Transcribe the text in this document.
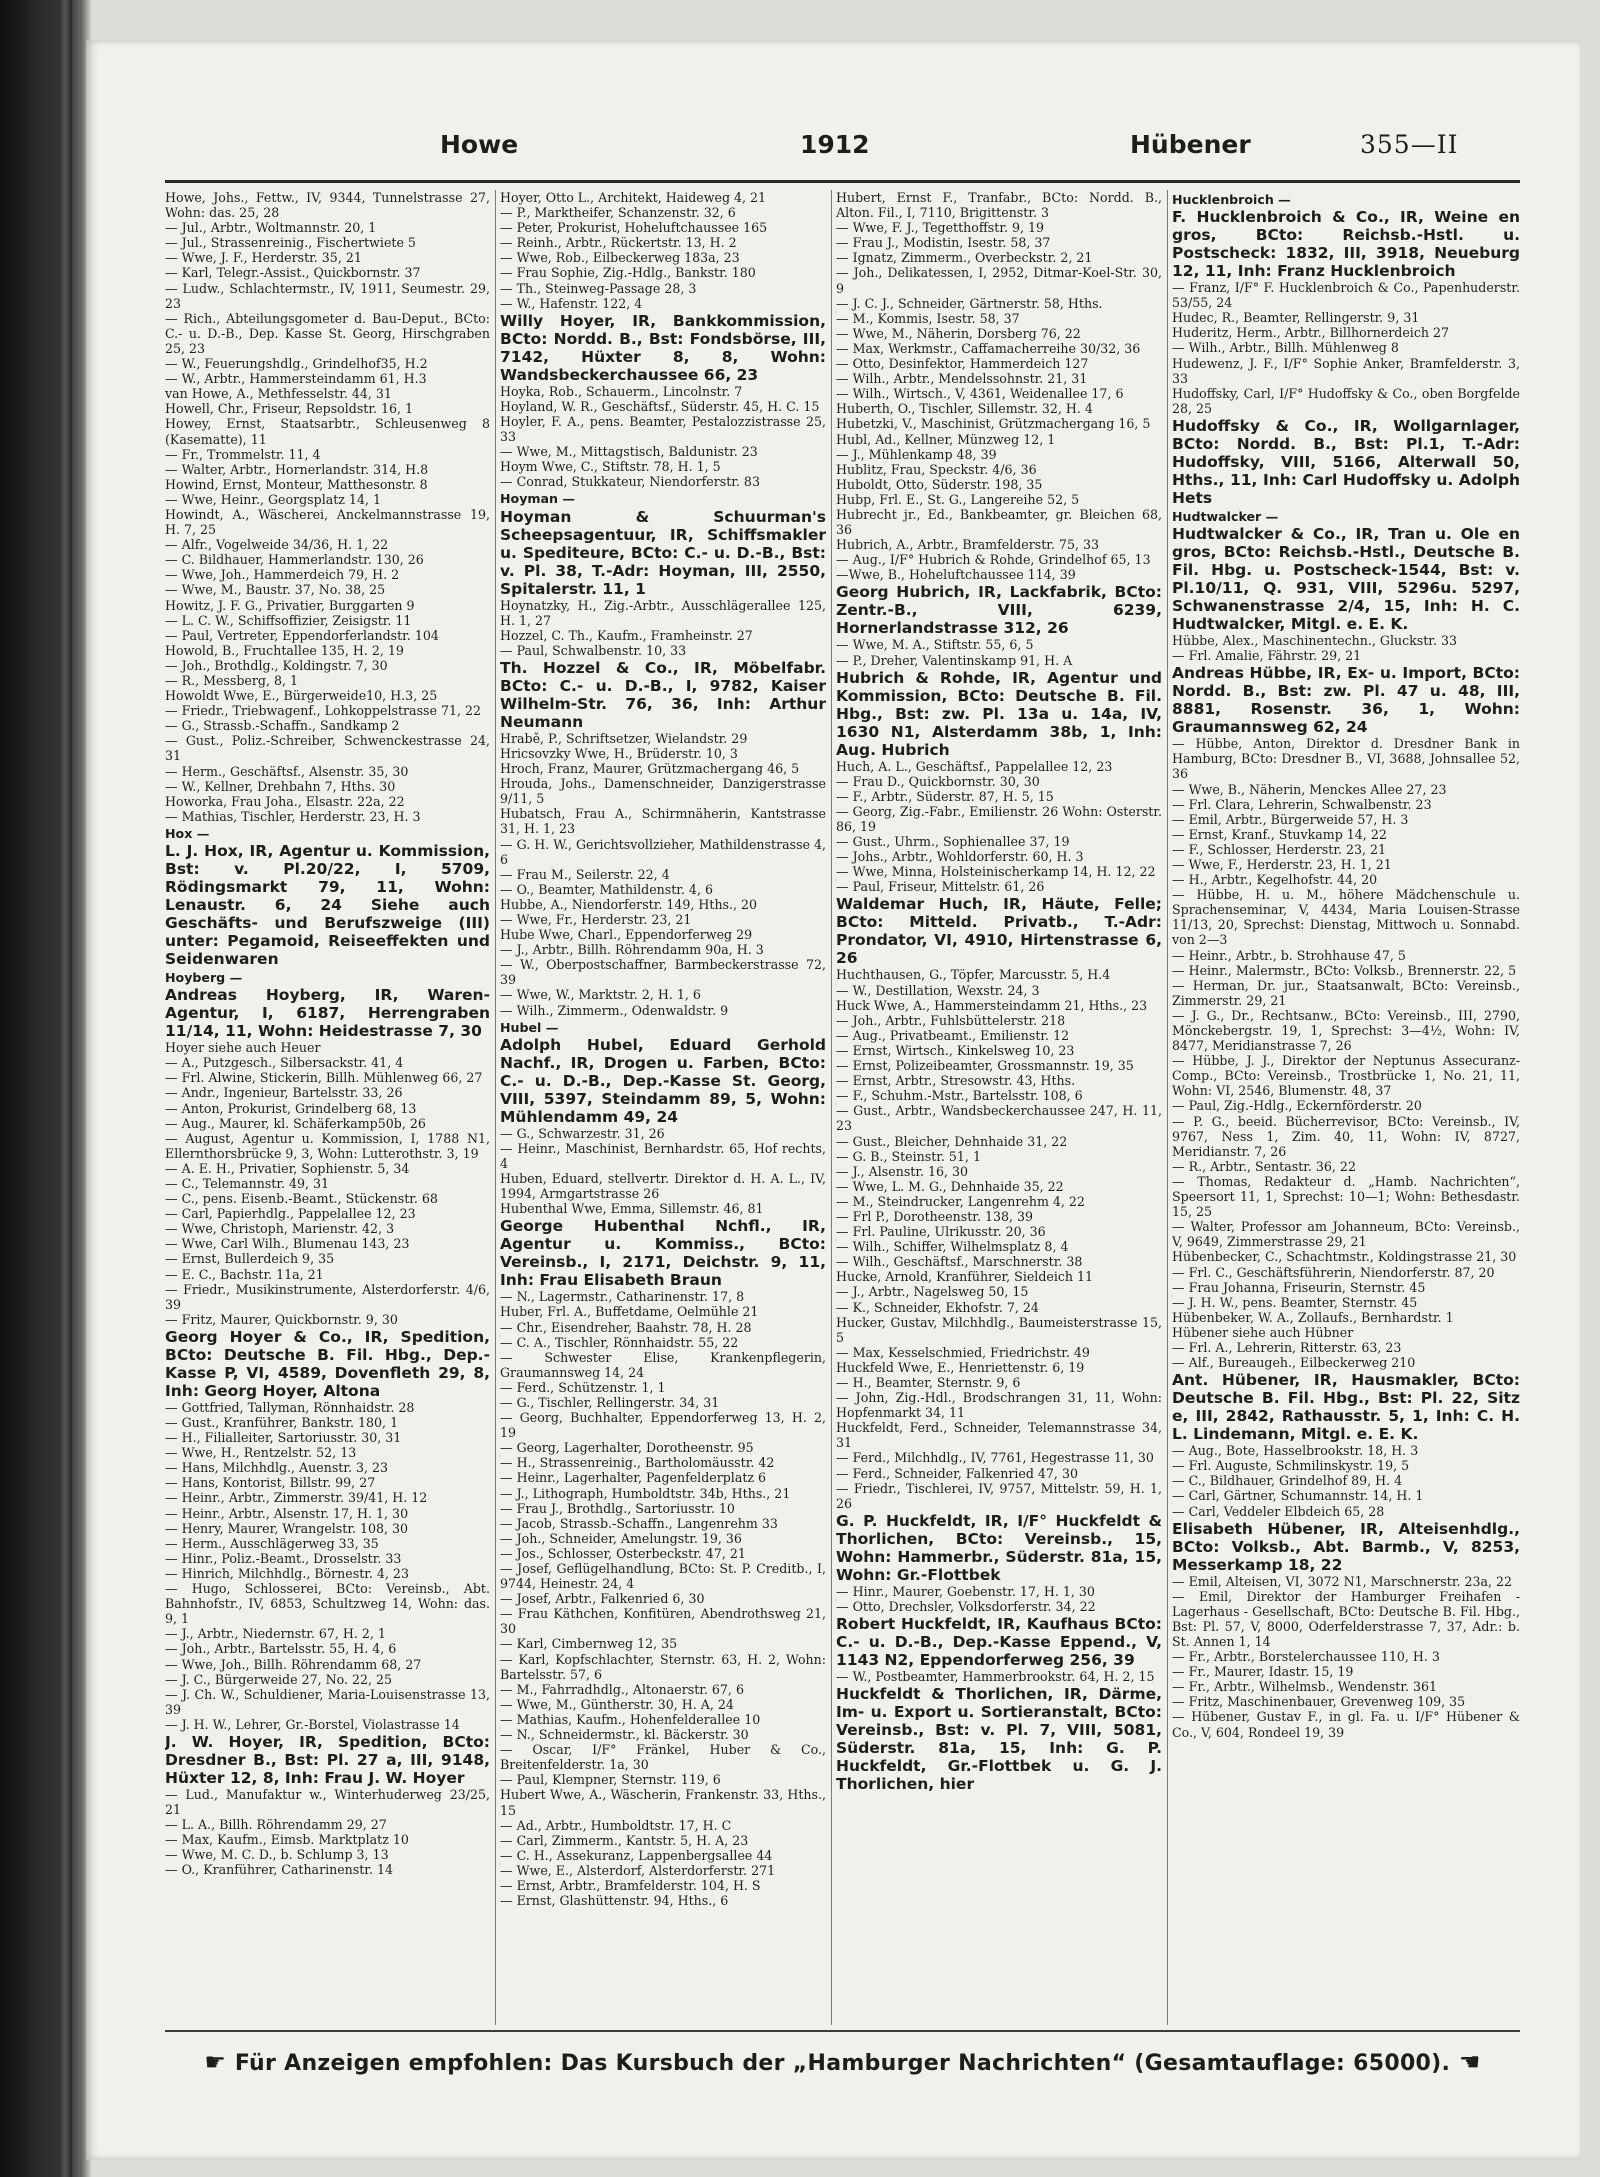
Howe	1912	Hübener	355—II

Howe, Johs., Fettw., IV, 9344, Tunnelstrasse 27, Wohn: das. 25, 28

— Jul., Arbtr., Woltmannstr. 20, 1

— Jul., Strassenreinig., Fischertwiete 5

— Wwe, J. F., Herderstr. 35, 21

— Karl, Telegr.-Assist., Quickbornstr. 37

— Ludw., Schlachtermstr., IV, 1911, Seumestr. 29, 23

— Rich., Abteilungsgometer d. Bau-Deput., BCto: C.- u. D.-B., Dep. Kasse St. Georg, Hirschgraben 25, 23

— W., Feuerungshdlg., Grindelhof35, H.2

— W., Arbtr., Hammersteindamm 61, H.3

van Howe, A., Methfesselstr. 44, 31

Howell, Chr., Friseur, Repsoldstr. 16, 1

Howey, Ernst, Staatsarbtr., Schleusenweg 8 (Kasematte), 11

— Fr., Trommelstr. 11, 4

— Walter, Arbtr., Hornerlandstr. 314, H.8

Howind, Ernst, Monteur, Matthesonstr. 8

— Wwe, Heinr., Georgsplatz 14, 1

Howindt, A., Wäscherei, Anckelmannstrasse 19, H. 7, 25

— Alfr., Vogelweide 34/36, H. 1, 22

— C. Bildhauer, Hammerlandstr. 130, 26

— Wwe, Joh., Hammerdeich 79, H. 2

— Wwe, M., Baustr. 37, No. 38, 25

Howitz, J. F. G., Privatier, Burggarten 9

— L. C. W., Schiffsoffizier, Zeisigstr. 11

— Paul, Vertreter, Eppendorferlandstr. 104

Howold, B., Fruchtallee 135, H. 2, 19

— Joh., Brothdlg., Koldingstr. 7, 30

— R., Messberg, 8, 1

Howoldt Wwe, E., Bürgerweide10, H.3, 25

— Friedr., Triebwagenf., Lohkoppelstrasse 71, 22

— G., Strassb.-Schaffn., Sandkamp 2

— Gust., Poliz.-Schreiber, Schwenckestrasse 24, 31

— Herm., Geschäftsf., Alsenstr. 35, 30

— W., Kellner, Drehbahn 7, Hths. 30

Howorka, Frau Joha., Elsastr. 22a, 22

— Mathias, Tischler, Herderstr. 23, H. 3

Hox —

L. J. Hox, IR, Agentur u. Kommission, Bst: v. Pl.20/22, I, 5709, Rödingsmarkt 79, 11, Wohn: Lenaustr. 6, 24 Siehe auch Geschäfts- und Berufszweige (III) unter: Pegamoid, Reiseeffekten und Seidenwaren

Hoyberg —

Andreas Hoyberg, IR, Waren-Agentur, I, 6187, Herrengraben 11/14, 11, Wohn: Heidestrasse 7, 30

Hoyer siehe auch Heuer

— A., Putzgesch., Silbersackstr. 41, 4

— Frl. Alwine, Stickerin, Billh. Mühlenweg 66, 27

— Andr., Ingenieur, Bartelsstr. 33, 26

— Anton, Prokurist, Grindelberg 68, 13

— Aug., Maurer, kl. Schäferkamp50b, 26

— August, Agentur u. Kommission, I, 1788 N1, Ellernthorsbrücke 9, 3, Wohn: Lutterothstr. 3, 19

— A. E. H., Privatier, Sophienstr. 5, 34

— C., Telemannstr. 49, 31

— C., pens. Eisenb.-Beamt., Stückenstr. 68

— Carl, Papierhdlg., Pappelallee 12, 23

— Wwe, Christoph, Marienstr. 42, 3

— Wwe, Carl Wilh., Blumenau 143, 23

— Ernst, Bullerdeich 9, 35

— E. C., Bachstr. 11a, 21

— Friedr., Musikinstrumente, Alsterdorferstr. 4/6, 39

— Fritz, Maurer, Quickbornstr. 9, 30

Georg Hoyer & Co., IR, Spedition, BCto: Deutsche B. Fil. Hbg., Dep.-Kasse P, VI, 4589, Dovenfleth 29, 8, Inh: Georg Hoyer, Altona

— Gottfried, Tallyman, Rönnhaidstr. 28

— Gust., Kranführer, Bankstr. 180, 1

— H., Filialleiter, Sartoriusstr. 30, 31

— Wwe, H., Rentzelstr. 52, 13

— Hans, Milchhdlg., Auenstr. 3, 23

— Hans, Kontorist, Billstr. 99, 27

— Heinr., Arbtr., Zimmerstr. 39/41, H. 12

— Heinr., Arbtr., Alsenstr. 17, H. 1, 30

— Henry, Maurer, Wrangelstr. 108, 30

— Herm., Ausschlägerweg 33, 35

— Hinr., Poliz.-Beamt., Drosselstr. 33

— Hinrich, Milchhdlg., Börnestr. 4, 23

— Hugo, Schlosserei, BCto: Vereinsb., Abt. Bahnhofstr., IV, 6853, Schultzweg 14, Wohn: das. 9, 1

— J., Arbtr., Niedernstr. 67, H. 2, 1

— Joh., Arbtr., Bartelsstr. 55, H. 4, 6

— Wwe, Joh., Billh. Röhrendamm 68, 27

— J. C., Bürgerweide 27, No. 22, 25

— J. Ch. W., Schuldiener, Maria-Louisenstrasse 13, 39

— J. H. W., Lehrer, Gr.-Borstel, Violastrasse 14

J. W. Hoyer, IR, Spedition, BCto: Dresdner B., Bst: Pl. 27 a, III, 9148, Hüxter 12, 8, Inh: Frau J. W. Hoyer

— Lud., Manufaktur w., Winterhuderweg 23/25, 21

— L. A., Billh. Röhrendamm 29, 27

— Max, Kaufm., Eimsb. Marktplatz 10

— Wwe, M. C. D., b. Schlump 3, 13

— O., Kranführer, Catharinenstr. 14

Hoyer, Otto L., Architekt, Haideweg 4, 21

— P., Marktheifer, Schanzenstr. 32, 6

— Peter, Prokurist, Hoheluftchaussee 165

— Reinh., Arbtr., Rückertstr. 13, H. 2

— Wwe, Rob., Eilbeckerweg 183a, 23

— Frau Sophie, Zig.-Hdlg., Bankstr. 180

— Th., Steinweg-Passage 28, 3

— W., Hafenstr. 122, 4

Willy Hoyer, IR, Bankkommission, BCto: Nordd. B., Bst: Fondsbörse, III, 7142, Hüxter 8, 8, Wohn: Wandsbeckerchaussee 66, 23

Hoyka, Rob., Schauerm., Lincolnstr. 7

Hoyland, W. R., Geschäftsf., Süderstr. 45, H. C. 15

Hoyler, F. A., pens. Beamter, Pestalozzistrasse 25, 33

— Wwe, M., Mittagstisch, Baldunistr. 23

Hoym Wwe, C., Stiftstr. 78, H. 1, 5

— Conrad, Stukkateur, Niendorferstr. 83

Hoyman —

Hoyman & Schuurman's Scheepsagentuur, IR, Schiffsmakler u. Spediteure, BCto: C.- u. D.-B., Bst: v. Pl. 38, T.-Adr: Hoyman, III, 2550, Spitalerstr. 11, 1

Hoynatzky, H., Zig.-Arbtr., Ausschlägerallee 125, H. 1, 27

Hozzel, C. Th., Kaufm., Framheinstr. 27

— Paul, Schwalbenstr. 10, 33

Th. Hozzel & Co., IR, Möbelfabr. BCto: C.- u. D.-B., I, 9782, Kaiser Wilhelm-Str. 76, 36, Inh: Arthur Neumann

Hrabě, P., Schriftsetzer, Wielandstr. 29

Hricsovzky Wwe, H., Brüderstr. 10, 3

Hroch, Franz, Maurer, Grützmachergang 46, 5

Hrouda, Johs., Damenschneider, Danzigerstrasse 9/11, 5

Hubatsch, Frau A., Schirmnäherin, Kantstrasse 31, H. 1, 23

— G. H. W., Gerichtsvollzieher, Mathildenstrasse 4, 6

— Frau M., Seilerstr. 22, 4

— O., Beamter, Mathildenstr. 4, 6

Hubbe, A., Niendorferstr. 149, Hths., 20

— Wwe, Fr., Herderstr. 23, 21

Hube Wwe, Charl., Eppendorferweg 29

— J., Arbtr., Billh. Röhrendamm 90a, H. 3

— W., Oberpostschaffner, Barmbeckerstrasse 72, 39

— Wwe, W., Marktstr. 2, H. 1, 6

— Wilh., Zimmerm., Odenwaldstr. 9

Hubel —

Adolph Hubel, Eduard Gerhold Nachf., IR, Drogen u. Farben, BCto: C.- u. D.-B., Dep.-Kasse St. Georg, VIII, 5397, Steindamm 89, 5, Wohn: Mühlendamm 49, 24

— G., Schwarzestr. 31, 26

— Heinr., Maschinist, Bernhardstr. 65, Hof rechts, 4

Huben, Eduard, stellvertr. Direktor d. H. A. L., IV, 1994, Armgartstrasse 26

Hubenthal Wwe, Emma, Sillemstr. 46, 81

George Hubenthal Nchfl., IR, Agentur u. Kommiss., BCto: Vereinsb., I, 2171, Deichstr. 9, 11, Inh: Frau Elisabeth Braun

— N., Lagermstr., Catharinenstr. 17, 8

Huber, Frl. A., Buffetdame, Oelmühle 21

— Chr., Eisendreher, Baahstr. 78, H. 28

— C. A., Tischler, Rönnhaidstr. 55, 22

— Schwester Elise, Krankenpflegerin, Graumannsweg 14, 24

— Ferd., Schützenstr. 1, 1

— G., Tischler, Rellingerstr. 34, 31

— Georg, Buchhalter, Eppendorferweg 13, H. 2, 19

— Georg, Lagerhalter, Dorotheenstr. 95

— H., Strassenreinig., Bartholomäusstr. 42

— Heinr., Lagerhalter, Pagenfelderplatz 6

— J., Lithograph, Humboldtstr. 34b, Hths., 21

— Frau J., Brothdlg., Sartoriusstr. 10

— Jacob, Strassb.-Schaffn., Langenrehm 33

— Joh., Schneider, Amelungstr. 19, 36

— Jos., Schlosser, Osterbeckstr. 47, 21

— Josef, Geflügelhandlung, BCto: St. P. Creditb., I, 9744, Heinestr. 24, 4

— Josef, Arbtr., Falkenried 6, 30

— Frau Käthchen, Konfitüren, Abendrothsweg 21, 30

— Karl, Cimbernweg 12, 35

— Karl, Kopfschlachter, Sternstr. 63, H. 2, Wohn: Bartelsstr. 57, 6

— M., Fahrradhdlg., Altonaerstr. 67, 6

— Wwe, M., Güntherstr. 30, H. A, 24

— Mathias, Kaufm., Hohenfelderallee 10

— N., Schneidermstr., kl. Bäckerstr. 30

— Oscar, I/F° Fränkel, Huber & Co., Breitenfelderstr. 1a, 30

— Paul, Klempner, Sternstr. 119, 6

Hubert Wwe, A., Wäscherin, Frankenstr. 33, Hths., 15

— Ad., Arbtr., Humboldtstr. 17, H. C

— Carl, Zimmerm., Kantstr. 5, H. A, 23

— C. H., Assekuranz, Lappenbergsallee 44

— Wwe, E., Alsterdorf, Alsterdorferstr. 271

— Ernst, Arbtr., Bramfelderstr. 104, H. S

— Ernst, Glashüttenstr. 94, Hths., 6

Hubert, Ernst F., Tranfabr., BCto: Nordd. B., Alton. Fil., I, 7110, Brigittenstr. 3

— Wwe, F. J., Tegetthoffstr. 9, 19

— Frau J., Modistin, Isestr. 58, 37

— Ignatz, Zimmerm., Overbeckstr. 2, 21

— Joh., Delikatessen, I, 2952, Ditmar-Koel-Str. 30, 9

— J. C. J., Schneider, Gärtnerstr. 58, Hths.

— M., Kommis, Isestr. 58, 37

— Wwe, M., Näherin, Dorsberg 76, 22

— Max, Werkmstr., Caffamacherreihe 30/32, 36

— Otto, Desinfektor, Hammerdeich 127

— Wilh., Arbtr., Mendelssohnstr. 21, 31

— Wilh., Wirtsch., V, 4361, Weidenallee 17, 6

Huberth, O., Tischler, Sillemstr. 32, H. 4

Hubetzki, V., Maschinist, Grützmachergang 16, 5

Hubl, Ad., Kellner, Münzweg 12, 1

— J., Mühlenkamp 48, 39

Hublitz, Frau, Speckstr. 4/6, 36

Huboldt, Otto, Süderstr. 198, 35

Hubp, Frl. E., St. G., Langereihe 52, 5

Hubrecht jr., Ed., Bankbeamter, gr. Bleichen 68, 36

Hubrich, A., Arbtr., Bramfelderstr. 75, 33

— Aug., I/F° Hubrich & Rohde, Grindelhof 65, 13

—Wwe, B., Hoheluftchaussee 114, 39

Georg Hubrich, IR, Lackfabrik, BCto: Zentr.-B., VIII, 6239, Hornerlandstrasse 312, 26

— Wwe, M. A., Stiftstr. 55, 6, 5

— P., Dreher, Valentinskamp 91, H. A

Hubrich & Rohde, IR, Agentur und Kommission, BCto: Deutsche B. Fil. Hbg., Bst: zw. Pl. 13a u. 14a, IV, 1630 N1, Alsterdamm 38b, 1, Inh: Aug. Hubrich

Huch, A. L., Geschäftsf., Pappelallee 12, 23

— Frau D., Quickbornstr. 30, 30

— F., Arbtr., Süderstr. 87, H. 5, 15

— Georg, Zig.-Fabr., Emilienstr. 26 Wohn: Osterstr. 86, 19

— Gust., Uhrm., Sophienallee 37, 19

— Johs., Arbtr., Wohldorferstr. 60, H. 3

— Wwe, Minna, Holsteinischerkamp 14, H. 12, 22

— Paul, Friseur, Mittelstr. 61, 26

Waldemar Huch, IR, Häute, Felle; BCto: Mitteld. Privatb., T.-Adr: Prondator, VI, 4910, Hirtenstrasse 6, 26

Huchthausen, G., Töpfer, Marcusstr. 5, H.4

— W., Destillation, Wexstr. 24, 3

Huck Wwe, A., Hammersteindamm 21, Hths., 23

— Joh., Arbtr., Fuhlsbüttelerstr. 218

— Aug., Privatbeamt., Emilienstr. 12

— Ernst, Wirtsch., Kinkelsweg 10, 23

— Ernst, Polizeibeamter, Grossmannstr. 19, 35

— Ernst, Arbtr., Stresowstr. 43, Hths.

— F., Schuhm.-Mstr., Bartelsstr. 108, 6

— Gust., Arbtr., Wandsbeckerchaussee 247, H. 11, 23

— Gust., Bleicher, Dehnhaide 31, 22

— G. B., Steinstr. 51, 1

— J., Alsenstr. 16, 30

— Wwe, L. M. G., Dehnhaide 35, 22

— M., Steindrucker, Langenrehm 4, 22

— Frl P., Dorotheenstr. 138, 39

— Frl. Pauline, Ulrikusstr. 20, 36

— Wilh., Schiffer, Wilhelmsplatz 8, 4

— Wilh., Geschäftsf., Marschnerstr. 38

Hucke, Arnold, Kranführer, Sieldeich 11

— J., Arbtr., Nagelsweg 50, 15

— K., Schneider, Ekhofstr. 7, 24

Hucker, Gustav, Milchhdlg., Baumeisterstrasse 15, 5

— Max, Kesselschmied, Friedrichstr. 49

Huckfeld Wwe, E., Henriettenstr. 6, 19

— H., Beamter, Sternstr. 9, 6

— John, Zig.-Hdl., Brodschrangen 31, 11, Wohn: Hopfenmarkt 34, 11

Huckfeldt, Ferd., Schneider, Telemannstrasse 34, 31

— Ferd., Milchhdlg., IV, 7761, Hegestrasse 11, 30

— Ferd., Schneider, Falkenried 47, 30

— Friedr., Tischlerei, IV, 9757, Mittelstr. 59, H. 1, 26

G. P. Huckfeldt, IR, I/F° Huckfeldt & Thorlichen, BCto: Vereinsb., 15, Wohn: Hammerbr., Süderstr. 81a, 15, Wohn: Gr.-Flottbek

— Hinr., Maurer, Goebenstr. 17, H. 1, 30

— Otto, Drechsler, Volksdorferstr. 34, 22

Robert Huckfeldt, IR, Kaufhaus BCto: C.- u. D.-B., Dep.-Kasse Eppend., V, 1143 N2, Eppendorferweg 256, 39

— W., Postbeamter, Hammerbrookstr. 64, H. 2, 15

Huckfeldt & Thorlichen, IR, Därme, Im- u. Export u. Sortieranstalt, BCto: Vereinsb., Bst: v. Pl. 7, VIII, 5081, Süderstr. 81a, 15, Inh: G. P. Huckfeldt, Gr.-Flottbek u. G. J. Thorlichen, hier

Hucklenbroich —

F. Hucklenbroich & Co., IR, Weine en gros, BCto: Reichsb.-Hstl. u. Postscheck: 1832, III, 3918, Neueburg 12, 11, Inh: Franz Hucklenbroich

— Franz, I/F° F. Hucklenbroich & Co., Papenhuderstr. 53/55, 24

Hudec, R., Beamter, Rellingerstr. 9, 31

Huderitz, Herm., Arbtr., Billhornerdeich 27

— Wilh., Arbtr., Billh. Mühlenweg 8

Hudewenz, J. F., I/F° Sophie Anker, Bramfelderstr. 3, 33

Hudoffsky, Carl, I/F° Hudoffsky & Co., oben Borgfelde 28, 25

Hudoffsky & Co., IR, Wollgarnlager, BCto: Nordd. B., Bst: Pl.1, T.-Adr: Hudoffsky, VIII, 5166, Alterwall 50, Hths., 11, Inh: Carl Hudoffsky u. Adolph Hets

Hudtwalcker —

Hudtwalcker & Co., IR, Tran u. Ole en gros, BCto: Reichsb.-Hstl., Deutsche B. Fil. Hbg. u. Postscheck-1544, Bst: v. Pl.10/11, Q. 931, VIII, 5296u. 5297, Schwanenstrasse 2/4, 15, Inh: H. C. Hudtwalcker, Mitgl. e. E. K.

Hübbe, Alex., Maschinentechn., Gluckstr. 33

— Frl. Amalie, Fährstr. 29, 21

Andreas Hübbe, IR, Ex- u. Import, BCto: Nordd. B., Bst: zw. Pl. 47 u. 48, III, 8881, Rosenstr. 36, 1, Wohn: Graumannsweg 62, 24

— Hübbe, Anton, Direktor d. Dresdner Bank in Hamburg, BCto: Dresdner B., VI, 3688, Johnsallee 52, 36

— Wwe, B., Näherin, Menckes Allee 27, 23

— Frl. Clara, Lehrerin, Schwalbenstr. 23

— Emil, Arbtr., Bürgerweide 57, H. 3

— Ernst, Kranf., Stuvkamp 14, 22

— F., Schlosser, Herderstr. 23, 21

— Wwe, F., Herderstr. 23, H. 1, 21

— H., Arbtr., Kegelhofstr. 44, 20

— Hübbe, H. u. M., höhere Mädchenschule u. Sprachenseminar, V, 4434, Maria Louisen-Strasse 11/13, 20, Sprechst: Dienstag, Mittwoch u. Sonnabd. von 2—3

— Heinr., Arbtr., b. Strohhause 47, 5

— Heinr., Malermstr., BCto: Volksb., Brennerstr. 22, 5

— Herman, Dr. jur., Staatsanwalt, BCto: Vereinsb., Zimmerstr. 29, 21

— J. G., Dr., Rechtsanw., BCto: Vereinsb., III, 2790, Mönckebergstr. 19, 1, Sprechst: 3—4½, Wohn: IV, 8477, Meridianstrasse 7, 26

— Hübbe, J. J., Direktor der Neptunus Assecuranz-Comp., BCto: Vereinsb., Trostbrücke 1, No. 21, 11, Wohn: VI, 2546, Blumenstr. 48, 37

— Paul, Zig.-Hdlg., Eckernförderstr. 20

— P. G., beeid. Bücherrevisor, BCto: Vereinsb., IV, 9767, Ness 1, Zim. 40, 11, Wohn: IV, 8727, Meridianstr. 7, 26

— R., Arbtr., Sentastr. 36, 22

— Thomas, Redakteur d. „Hamb. Nachrichten“, Speersort 11, 1, Sprechst: 10—1; Wohn: Bethesdastr. 15, 25

— Walter, Professor am Johanneum, BCto: Vereinsb., V, 9649, Zimmerstrasse 29, 21

Hübenbecker, C., Schachtmstr., Koldingstrasse 21, 30

— Frl. C., Geschäftsführerin, Niendorferstr. 87, 20

— Frau Johanna, Friseurin, Sternstr. 45

— J. H. W., pens. Beamter, Sternstr. 45

Hübenbeker, W. A., Zollaufs., Bernhardstr. 1

Hübener siehe auch Hübner

— Frl. A., Lehrerin, Ritterstr. 63, 23

— Alf., Bureaugeh., Eilbeckerweg 210

Ant. Hübener, IR, Hausmakler, BCto: Deutsche B. Fil. Hbg., Bst: Pl. 22, Sitz e, III, 2842, Rathausstr. 5, 1, Inh: C. H. L. Lindemann, Mitgl. e. E. K.

— Aug., Bote, Hasselbrookstr. 18, H. 3

— Frl. Auguste, Schmilinskystr. 19, 5

— C., Bildhauer, Grindelhof 89, H. 4

— Carl, Gärtner, Schumannstr. 14, H. 1

— Carl, Veddeler Elbdeich 65, 28

Elisabeth Hübener, IR, Alteisenhdlg., BCto: Volksb., Abt. Barmb., V, 8253, Messerkamp 18, 22

— Emil, Alteisen, VI, 3072 N1, Marschnerstr. 23a, 22

— Emil, Direktor der Hamburger Freihafen - Lagerhaus - Gesellschaft, BCto: Deutsche B. Fil. Hbg., Bst: Pl. 57, V, 8000, Oderfelderstrasse 7, 37, Adr.: b. St. Annen 1, 14

— Fr., Arbtr., Borstelerchaussee 110, H. 3

— Fr., Maurer, Idastr. 15, 19

— Fr., Arbtr., Wilhelmsb., Wendenstr. 361

— Fritz, Maschinenbauer, Grevenweg 109, 35

— Hübener, Gustav F., in gl. Fa. u. I/F° Hübener & Co., V, 604, Rondeel 19, 39

☛ Für Anzeigen empfohlen: Das Kursbuch der „Hamburger Nachrichten“ (Gesamtauflage: 65000). ☚
